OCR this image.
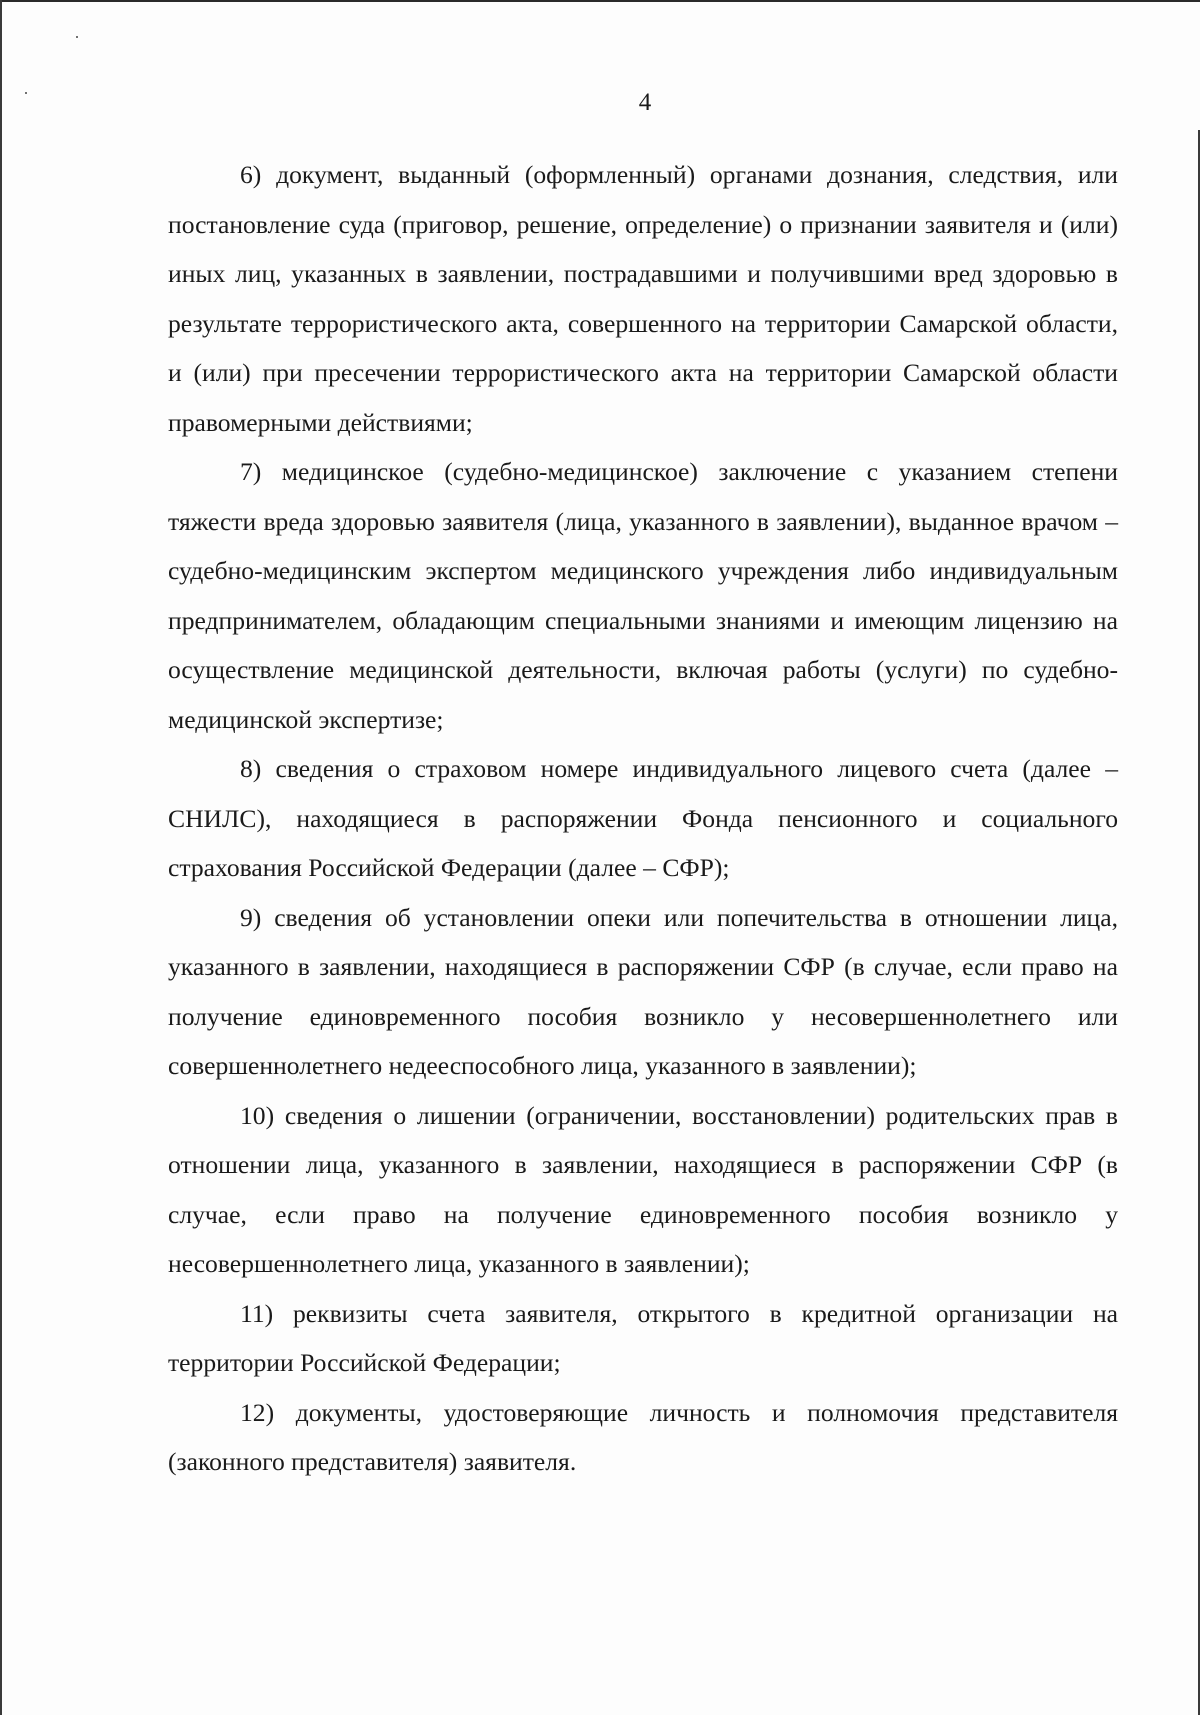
4

6) документ, выданный (оформленный) органами дознания, следствия, или постановление суда (приговор, решение, определение) о признании заявителя и (или) иных лиц, указанных в заявлении, пострадавшими и получившими вред здоровью в результате террористического акта, совершенного на территории Самарской области, и (или) при пресечении террористического акта на территории Самарской области правомерными действиями;

7) медицинское (судебно-медицинское) заключение с указанием степени тяжести вреда здоровью заявителя (лица, указанного в заявлении), выданное врачом – судебно-медицинским экспертом медицинского учреждения либо индивидуальным предпринимателем, обладающим специальными знаниями и имеющим лицензию на осуществление медицинской деятельности, включая работы (услуги) по судебно-медицинской экспертизе;

8) сведения о страховом номере индивидуального лицевого счета (далее – СНИЛС), находящиеся в распоряжении Фонда пенсионного и социального страхования Российской Федерации (далее – СФР);

9) сведения об установлении опеки или попечительства в отношении лица, указанного в заявлении, находящиеся в распоряжении СФР (в случае, если право на получение единовременного пособия возникло у несовершеннолетнего или совершеннолетнего недееспособного лица, указанного в заявлении);

10) сведения о лишении (ограничении, восстановлении) родительских прав в отношении лица, указанного в заявлении, находящиеся в распоряжении СФР (в случае, если право на получение единовременного пособия возникло у несовершеннолетнего лица, указанного в заявлении);

11) реквизиты счета заявителя, открытого в кредитной организации на территории Российской Федерации;

12) документы, удостоверяющие личность и полномочия представителя (законного представителя) заявителя.
